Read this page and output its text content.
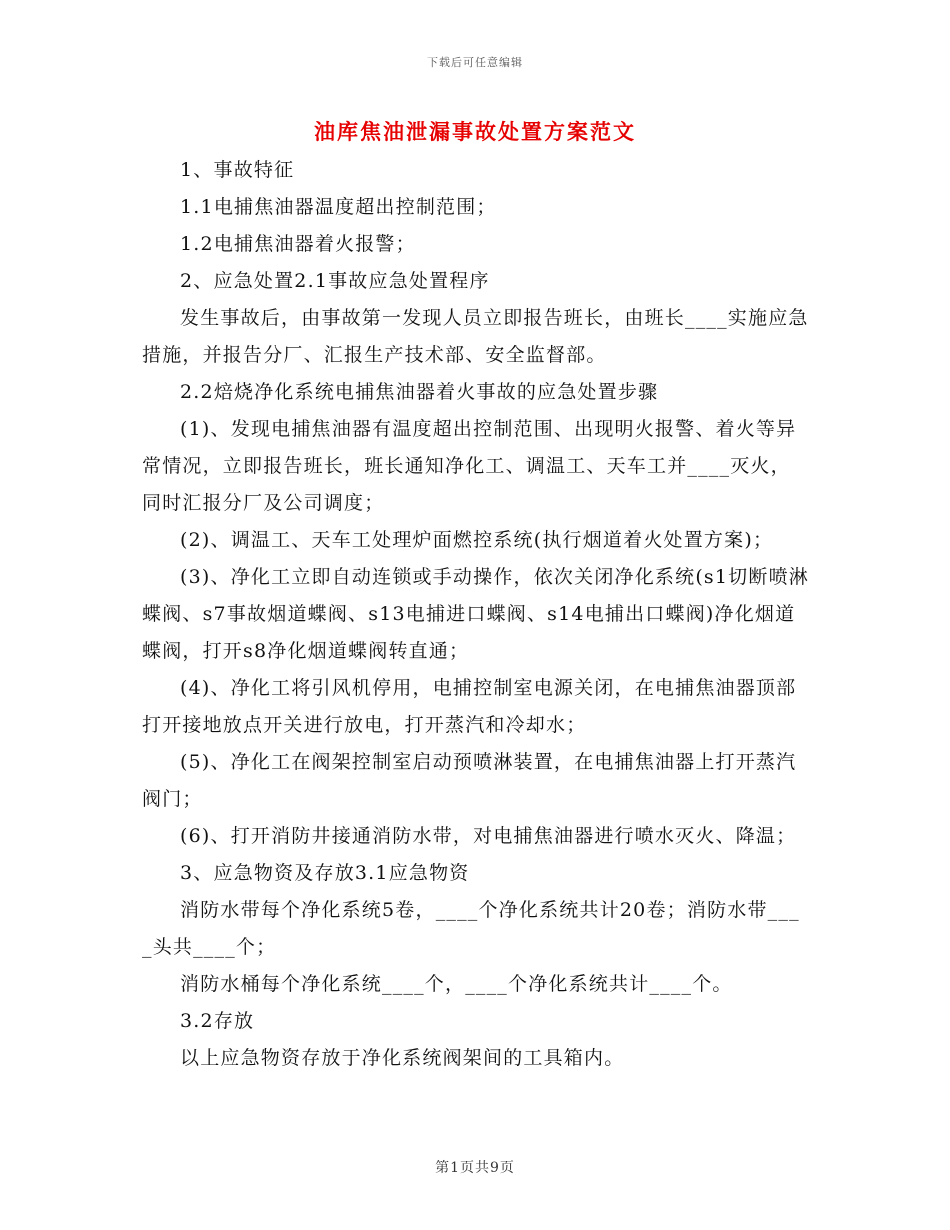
下载后可任意编辑
油库焦油泄漏事故处置方案范文

1、事故特征

1.1电捕焦油器温度超出控制范围；

1.2电捕焦油器着火报警；

2、应急处置2.1事故应急处置程序

发生事故后，由事故第一发现人员立即报告班长，由班长____实施应急措施，并报告分厂、汇报生产技术部、安全监督部。

2.2焙烧净化系统电捕焦油器着火事故的应急处置步骤

(1)、发现电捕焦油器有温度超出控制范围、出现明火报警、着火等异常情况，立即报告班长，班长通知净化工、调温工、天车工并____灭火，同时汇报分厂及公司调度；

(2)、调温工、天车工处理炉面燃控系统(执行烟道着火处置方案)；

(3)、净化工立即自动连锁或手动操作，依次关闭净化系统(s1切断喷淋蝶阀、s7事故烟道蝶阀、s13电捕进口蝶阀、s14电捕出口蝶阀)净化烟道蝶阀，打开s8净化烟道蝶阀转直通；

(4)、净化工将引风机停用，电捕控制室电源关闭，在电捕焦油器顶部打开接地放点开关进行放电，打开蒸汽和冷却水；

(5)、净化工在阀架控制室启动预喷淋装置，在电捕焦油器上打开蒸汽阀门；

(6)、打开消防井接通消防水带，对电捕焦油器进行喷水灭火、降温；

3、应急物资及存放3.1应急物资

消防水带每个净化系统5卷，____个净化系统共计20卷；消防水带____头共____个；

消防水桶每个净化系统____个，____个净化系统共计____个。

3.2存放

以上应急物资存放于净化系统阀架间的工具箱内。

第1页共9页
